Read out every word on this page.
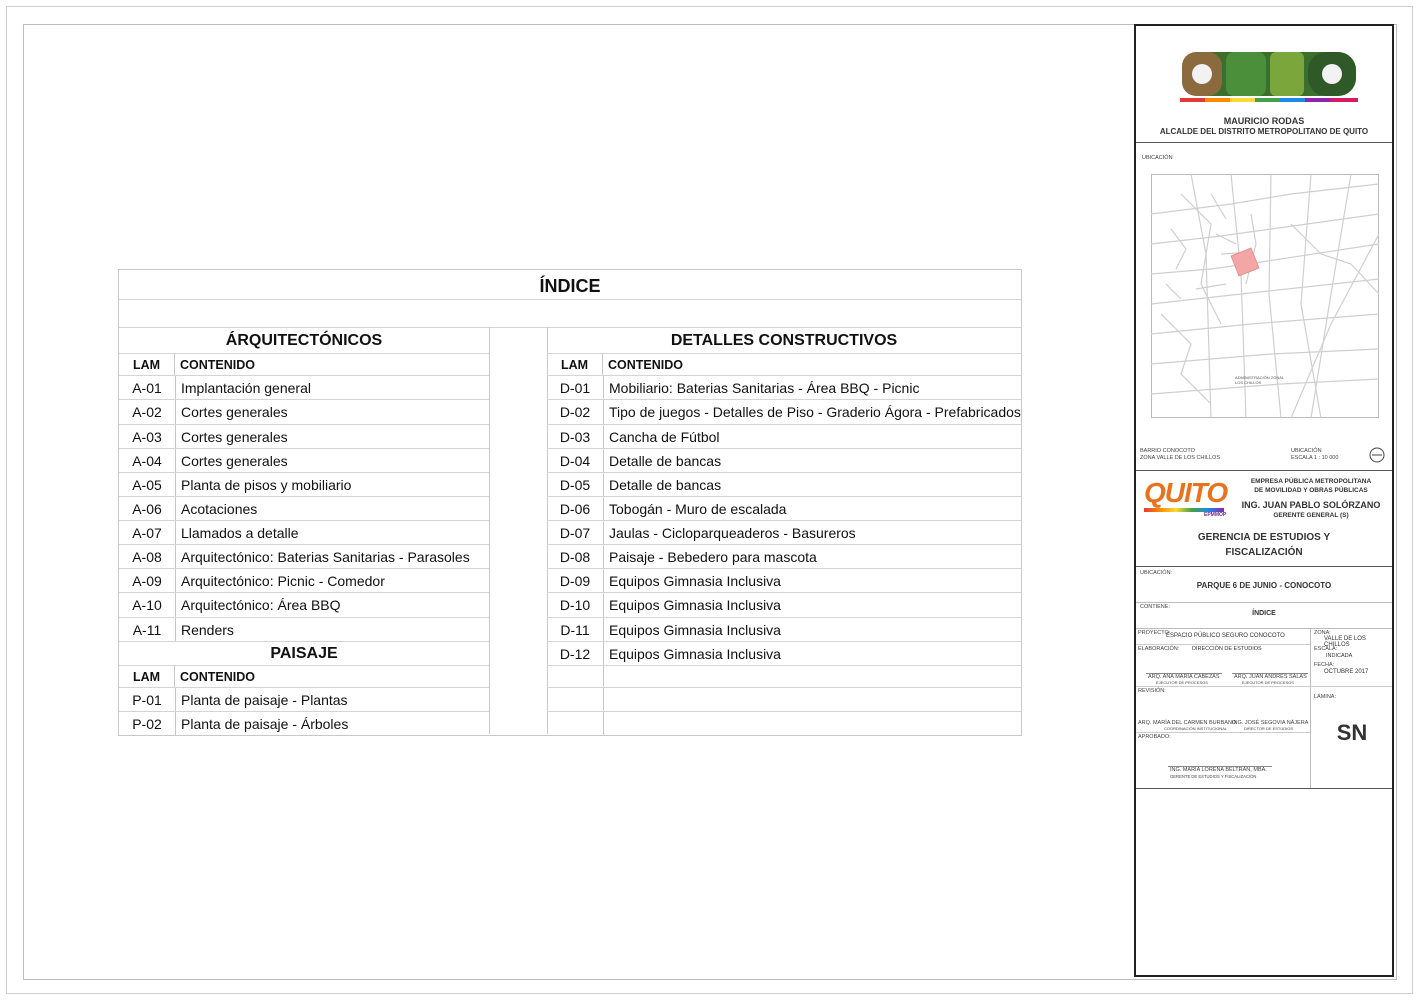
ÍNDICE
ÁRQUITECTÓNICOS
LAM	CONTENIDO
A-01	Implantación general
A-02	Cortes generales
A-03	Cortes generales
A-04	Cortes generales
A-05	Planta de pisos y mobiliario
A-06	Acotaciones
A-07	Llamados a detalle
A-08	Arquitectónico: Baterias Sanitarias - Parasoles
A-09	Arquitectónico: Picnic - Comedor
A-10	Arquitectónico: Área BBQ
A-11	Renders
PAISAJE
LAM	CONTENIDO
P-01	Planta de paisaje - Plantas
P-02	Planta de paisaje - Árboles
DETALLES CONSTRUCTIVOS
LAM	CONTENIDO
D-01	Mobiliario: Baterias Sanitarias - Área BBQ - Picnic
D-02	Tipo de juegos - Detalles de Piso - Graderio Ágora - Prefabricados
D-03	Cancha de Fútbol
D-04	Detalle de bancas
D-05	Detalle de bancas
D-06	Tobogán - Muro de escalada
D-07	Jaulas - Cicloparqueaderos - Basureros
D-08	Paisaje - Bebedero para mascota
D-09	Equipos Gimnasia Inclusiva
D-10	Equipos Gimnasia Inclusiva
D-11	Equipos Gimnasia Inclusiva
D-12	Equipos Gimnasia Inclusiva
MAURICIO RODAS
ALCALDE DEL DISTRITO METROPOLITANO DE QUITO
UBICACIÓN
ADMINISTRACIÓN ZONAL
LOS CHILLOS
BARRIO CONOCOTO
ZONA VALLE DE LOS CHILLOS
UBICACIÓN
ESCALA 1 : 10 000
QUITO
EPMMOP
EMPRESA PÚBLICA METROPOLITANA
DE MOVILIDAD Y OBRAS PÚBLICAS
ING. JUAN PABLO SOLÓRZANO
GERENTE GENERAL (S)
GERENCIA DE ESTUDIOS Y
FISCALIZACIÓN
UBICACIÓN:
PARQUE 6 DE JUNIO - CONOCOTO
CONTIENE:
ÍNDICE
PROYECTO:
ESPACIO PÚBLICO SEGURO CONOCOTO	ZONA:
VALLE DE LOS CHILLOS
ELABORACIÓN: DIRECCIÓN DE ESTUDIOS	ESCALA:
INDICADA
FECHA:
OCTUBRE 2017
ARQ. ANA MARÍA CABEZAS
EJECUTOR DE PROCESOS
ARQ. JUAN ANDRÉS SALAS
EJECUTOR DE PROCESOS
REVISIÓN:
LÁMINA:
ARQ. MARÍA DEL CARMEN BURBANO
COORDINACIÓN INSTITUCIONAL
ING. JOSÉ SEGOVIA NÁJERA
DIRECTOR DE ESTUDIOS
APROBADO:
ING. MARÍA LORENA BELTRÁN, MBA.
GERENTE DE ESTUDIOS Y FISCALIZACIÓN
SN
